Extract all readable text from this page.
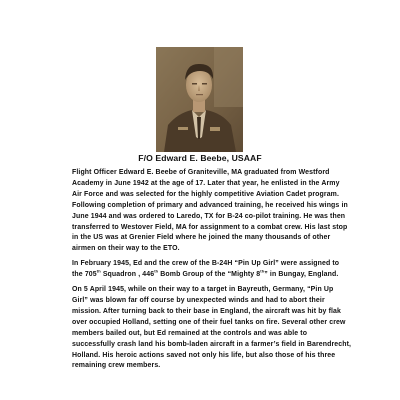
F/O Edward E. Beebe, USAAF

Flight Officer Edward E. Beebe of Graniteville, MA graduated from Westford
Academy in June 1942 at the age of 17. Later that year, he enlisted in the Army
Air Force and was selected for the highly competitive Aviation Cadet program.
Following completion of primary and advanced training, he received his wings in
June 1944 and was ordered to Laredo, TX for B-24 co-pilot training. He was then
transferred to Westover Field, MA for assignment to a combat crew. His last stop
in the US was at Grenier Field where he joined the many thousands of other
airmen on their way to the ETO.

In February 1945, Ed and the crew of the B-24H “Pin Up Girl” were assigned to
the 705th Squadron , 446th Bomb Group of the “Mighty 8th” in Bungay, England.

On 5 April 1945, while on their way to a target in Bayreuth, Germany, “Pin Up
Girl” was blown far off course by unexpected winds and had to abort their
mission. After turning back to their base in England, the aircraft was hit by flak
over occupied Holland, setting one of their fuel tanks on fire. Several other crew
members bailed out, but Ed remained at the controls and was able to
successfully crash land his bomb-laden aircraft in a farmer’s field in Barendrecht,
Holland. His heroic actions saved not only his life, but also those of his three
remaining crew members.
